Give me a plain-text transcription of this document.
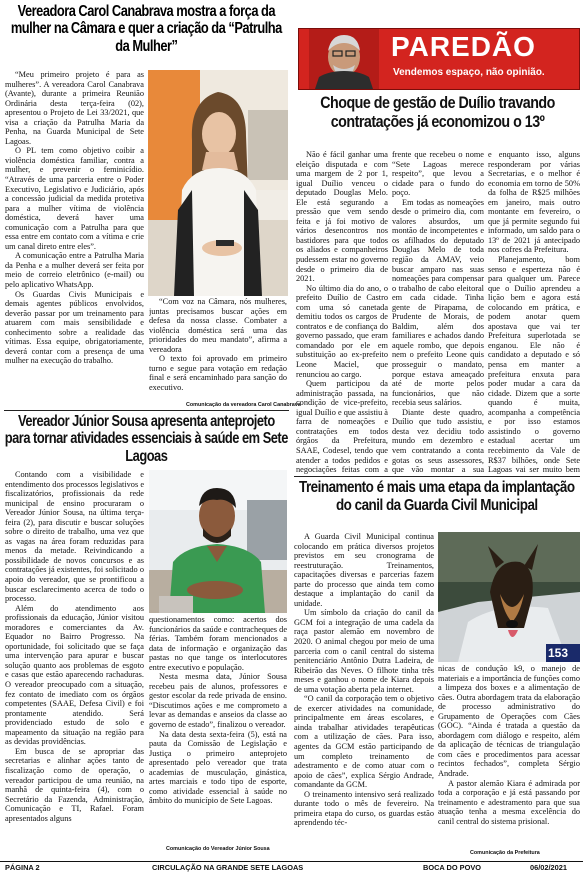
Vereadora Carol Canabrava mostra a força da mulher na Câmara e quer a criação da “Patrulha da Mulher”

“Meu primeiro projeto é para as mulheres”. A vereadora Carol Canabrava (Avante), durante a primeira Reunião Ordinária desta terça-feira (02), apresentou o Projeto de Lei 33/2021, que visa a criação da Patrulha Maria da Penha, na Guarda Municipal de Sete Lagoas.

O PL tem como objetivo coibir a violência doméstica familiar, contra a mulher, e prevenir o feminicídio. “Através de uma parceria entre o Poder Executivo, Legislativo e Judiciário, após a concessão judicial da medida protetiva para a mulher vítima de violência doméstica, deverá haver uma comunicação com a Patrulha para que essa entre em contato com a vítima e crie um canal direto entre eles”.

A comunicação entre a Patrulha Maria da Penha e a mulher deverá ser feita por meio de correio eletrônico (e-mail) ou pelo aplicativo WhatsApp.

Os Guardas Civis Municipais e demais agentes públicos envolvidos, deverão passar por um treinamento para atuarem com mais sensibilidade e conhecimento sobre a realidade das vítimas. Essa equipe, obrigatoriamente, deverá contar com a presença de uma mulher na execução do trabalho.

“Com voz na Câmara, nós mulheres, juntas precisamos buscar ações em defesa da nossa classe. Combater a violência doméstica será uma das prioridades do meu mandato”, afirma a vereadora

O texto foi aprovado em primeiro turno e segue para votação em redação final e será encaminhado para sanção do executivo.

Comunicação da vereadora Carol Canabrava
Vereador Júnior Sousa apresenta anteprojeto para tornar atividades essenciais à saúde em Sete Lagoas

Contando com a visibilidade e entendimento dos processos legislativos e fiscalizatórios, profissionais da rede municipal de ensino procuraram o Vereador Júnior Sousa, na última terça-feira (2), para discutir e buscar soluções sobre o direito de trabalho, uma vez que as vagas na área foram reduzidas para menos da metade. Reivindicando a possibilidade de novos concursos e as contratações já existentes, foi solicitado o apoio do vereador, que se prontificou a buscar esclarecimento acerca de todo o processo.

Além do atendimento aos profissionais da educação, Júnior visitou moradores e comerciantes da Av. Equador no Bairro Progresso. Na oportunidade, foi solicitado que se faça uma intervenção para apurar e buscar solução quanto aos problemas de esgoto e casas que estão aparecendo rachaduras. O vereador preocupado com a situação, fez contato de imediato com os órgãos competentes (SAAE, Defesa Civil) e foi prontamente atendido. Será providenciado estudo de solo e mapeamento da situação na região para as devidas providências.

Em busca de se apropriar das secretarias e alinhar ações tanto de fiscalização como de operação, o vereador participou de uma reunião, na manhã de quinta-feira (4), com o Secretário da Fazenda, Administração, Comunicação e TI, Rafael. Foram apresentados alguns

questionamentos como: acertos dos funcionários da saúde e contracheques de férias. Também foram mencionados a data de informação e organização das pastas no que tange os interlocutores entre executivo e população.

Nesta mesma data, Júnior Sousa recebeu pais de alunos, professores e gestor escolar da rede privada de ensino. “Discutimos ações e me comprometo a levar as demandas e anseios da classe ao governo de estado”, finalizou o vereador.

Na data desta sexta-feira (5), está na pauta da Comissão de Legislação e Justiça o primeiro anteprojeto apresentado pelo vereador que trata academias de musculação, ginástica, artes marciais e todo tipo de esporte, como atividade essencial à saúde no âmbito do município de Sete Lagoas.

Comunicação do Vereador Júnior Sousa
PAREDÃO
Vendemos espaço, não opinião.
Choque de gestão de Duílio travando contratações já economizou o 13º

Não é fácil ganhar uma eleição disputada e com uma margem de 2 por 1, igual Duílio venceu o deputado Douglas Melo. Ele está segurando a pressão que vem sendo feita e já foi motivo de vários desencontros nos bastidores para que todos os aliados e companheiros pudessem estar no governo desde o primeiro dia de 2021.

No último dia do ano, o prefeito Duílio de Castro com uma só canetada demitiu todos os cargos de contratos e de confiança do governo passado, que eram comandado por ele em substituição ao ex-prefeito Leone Maciel, que renunciou ao cargo.

Quem participou da administração passada, na condição de vice-prefeito, igual Duílio e que assistiu à farra de nomeações e contratações em todos órgãos da Prefeitura, SAAE, Codesel, tendo que atender a todos pedidos e negociações feitas com a

frente que recebeu o nome “Sete Lagoas merece respeito”, que levou a cidade para o fundo do poço.

Em todas as nomeações desde o primeiro dia, com valores absurdos, um montão de incompetentes e os afilhados do deputado Douglas Melo de toda região da AMAV, veio buscar amparo nas suas nomeações para compensar o trabalho de cabo eleitoral em cada cidade. Tinha gente de Pirapama, de Prudente de Morais, de Baldim, além dos familiares e achados dando aquele rombo, que depois nem o prefeito Leone quis prosseguir o mandato, porque estava ameaçado até de morte pelos funcionários, que não recebia seus salários.

Diante deste quadro, Duílio que tudo assistiu, desta vez decidiu todo mundo em dezembro e vem contratando a conta gotas os seus assessores, que vão montar a sua

e enquanto isso, alguns responderam por várias Secretarias, e o melhor é economia em torno de 50% da folha de R$25 milhões em janeiro, mais outro montante em fevereiro, o que já permite segundo fui informado, um saldo para o 13º de 2021 já antecipado nos cofres da Prefeitura.

Planejamento, bom senso e esperteza não é para qualquer um. Parece que o Duílio aprendeu a lição bem e agora está colocando em prática, e podem anotar quem apostava que vai ter Prefeitura superlotada se enganou. Ele não é candidato a deputado e só pensa em manter a prefeitura enxuta para poder mudar a cara da cidade. Dizem que a sorte quando é muita, acompanha a competência e por isso estamos assistindo o governo estadual acertar um recebimento da Vale de R$37 bilhões, onde Sete Lagoas vai ser muito bem

Treinamento é mais uma etapa da implantação do canil da Guarda Civil Municipal

A Guarda Civil Municipal continua colocando em prática diversos projetos previstos em seu cronograma de reestruturação. Treinamentos, capacitações diversas e parcerias fazem parte do processo que ainda tem como destaque a implantação do canil da unidade.

Um símbolo da criação do canil da GCM foi a integração de uma cadela da raça pastor alemão em novembro de 2020. O animal chegou por meio de uma parceria com o canil central do sistema penitenciário Antônio Dutra Ladeira, de Ribeirão das Neves. O filhote tinha três meses e ganhou o nome de Kiara depois de uma votação aberta pela internet.

“O canil da corporação tem o objetivo de exercer atividades na comunidade, principalmente em áreas escolares, e ainda trabalhar atividades terapêuticas com a utilização de cães. Para isso, agentes da GCM estão participando de um completo treinamento de adestramento e de como atuar com o apoio de cães”, explica Sérgio Andrade, comandante da GCM.

O treinamento intensivo será realizado durante todo o mês de fevereiro. Na primeira etapa do curso, os guardas estão aprendendo téc-

153

nicas de condução k9, o manejo de materiais e a importância de funções como a limpeza dos boxes e a alimentação de cães. Outra abordagem trata da elaboração de processo administrativo do Grupamento de Operações com Cães (GOC). “Ainda é tratada a questão da abordagem com diálogo e respeito, além da aplicação de técnicas de triangulação com cães e procedimentos para acessar recintos fechados”, completa Sérgio Andrade.

A pastor alemão Kiara é admirada por toda a corporação e já está passando por treinamento e adestramento para que sua atuação tenha a mesma excelência do canil central do sistema prisional.

Comunicação da Prefeitura
PÁGINA 2	CIRCULAÇÃO NA GRANDE SETE LAGOAS	BOCA DO POVO	06/02/2021
